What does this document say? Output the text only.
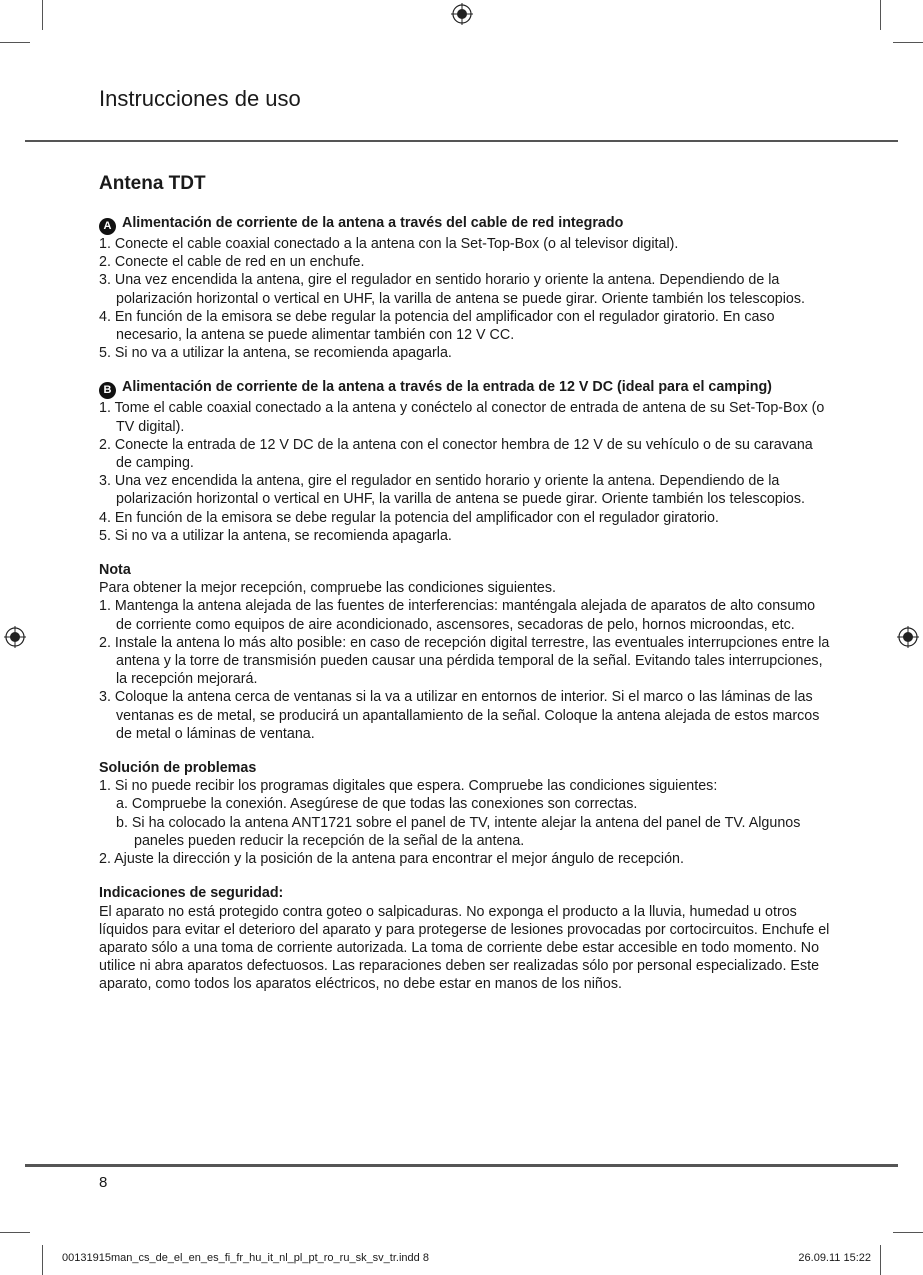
Instrucciones de uso
Antena TDT

A Alimentación de corriente de la antena a través del cable de red integrado

1. Conecte el cable coaxial conectado a la antena con la Set-Top-Box (o al televisor digital).
2. Conecte el cable de red en un enchufe.
3. Una vez encendida la antena, gire el regulador en sentido horario y oriente la antena. Dependiendo de la polarización horizontal o vertical en UHF, la varilla de antena se puede girar. Oriente también los telescopios.
4. En función de la emisora se debe regular la potencia del amplificador con el regulador giratorio. En caso necesario, la antena se puede alimentar también con 12 V CC.
5. Si no va a utilizar la antena, se recomienda apagarla.

B Alimentación de corriente de la antena a través de la entrada de 12 V DC (ideal para el camping)

1. Tome el cable coaxial conectado a la antena y conéctelo al conector de entrada de antena de su Set-Top-Box (o TV digital).
2. Conecte la entrada de 12 V DC de la antena con el conector hembra de 12 V de su vehículo o de su caravana de camping.
3. Una vez encendida la antena, gire el regulador en sentido horario y oriente la antena. Dependiendo de la polarización horizontal o vertical en UHF, la varilla de antena se puede girar. Oriente también los telescopios.
4. En función de la emisora se debe regular la potencia del amplificador con el regulador giratorio.
5. Si no va a utilizar la antena, se recomienda apagarla.

Nota

Para obtener la mejor recepción, compruebe las condiciones siguientes.

1. Mantenga la antena alejada de las fuentes de interferencias: manténgala alejada de aparatos de alto consumo de corriente como equipos de aire acondicionado, ascensores, secadoras de pelo, hornos microondas, etc.
2. Instale la antena lo más alto posible: en caso de recepción digital terrestre, las eventuales interrupciones entre la antena y la torre de transmisión pueden causar una pérdida temporal de la señal. Evitando tales interrupciones, la recepción mejorará.
3. Coloque la antena cerca de ventanas si la va a utilizar en entornos de interior. Si el marco o las láminas de las ventanas es de metal, se producirá un apantallamiento de la señal. Coloque la antena alejada de estos marcos de metal o láminas de ventana.

Solución de problemas

1. Si no puede recibir los programas digitales que espera. Compruebe las condiciones siguientes:
a. Compruebe la conexión. Asegúrese de que todas las conexiones son correctas.
b. Si ha colocado la antena ANT1721 sobre el panel de TV, intente alejar la antena del panel de TV. Algunos paneles pueden reducir la recepción de la señal de la antena.
2. Ajuste la dirección y la posición de la antena para encontrar el mejor ángulo de recepción.

Indicaciones de seguridad:

El aparato no está protegido contra goteo o salpicaduras. No exponga el producto a la lluvia, humedad u otros líquidos para evitar el deterioro del aparato y para protegerse de lesiones provocadas por cortocircuitos. Enchufe el aparato sólo a una toma de corriente autorizada. La toma de corriente debe estar accesible en todo momento. No utilice ni abra aparatos defectuosos. Las reparaciones deben ser realizadas sólo por personal especializado. Este aparato, como todos los aparatos eléctricos, no debe estar en manos de los niños.

8
00131915man_cs_de_el_en_es_fi_fr_hu_it_nl_pl_pt_ro_ru_sk_sv_tr.indd 8	26.09.11 15:22
